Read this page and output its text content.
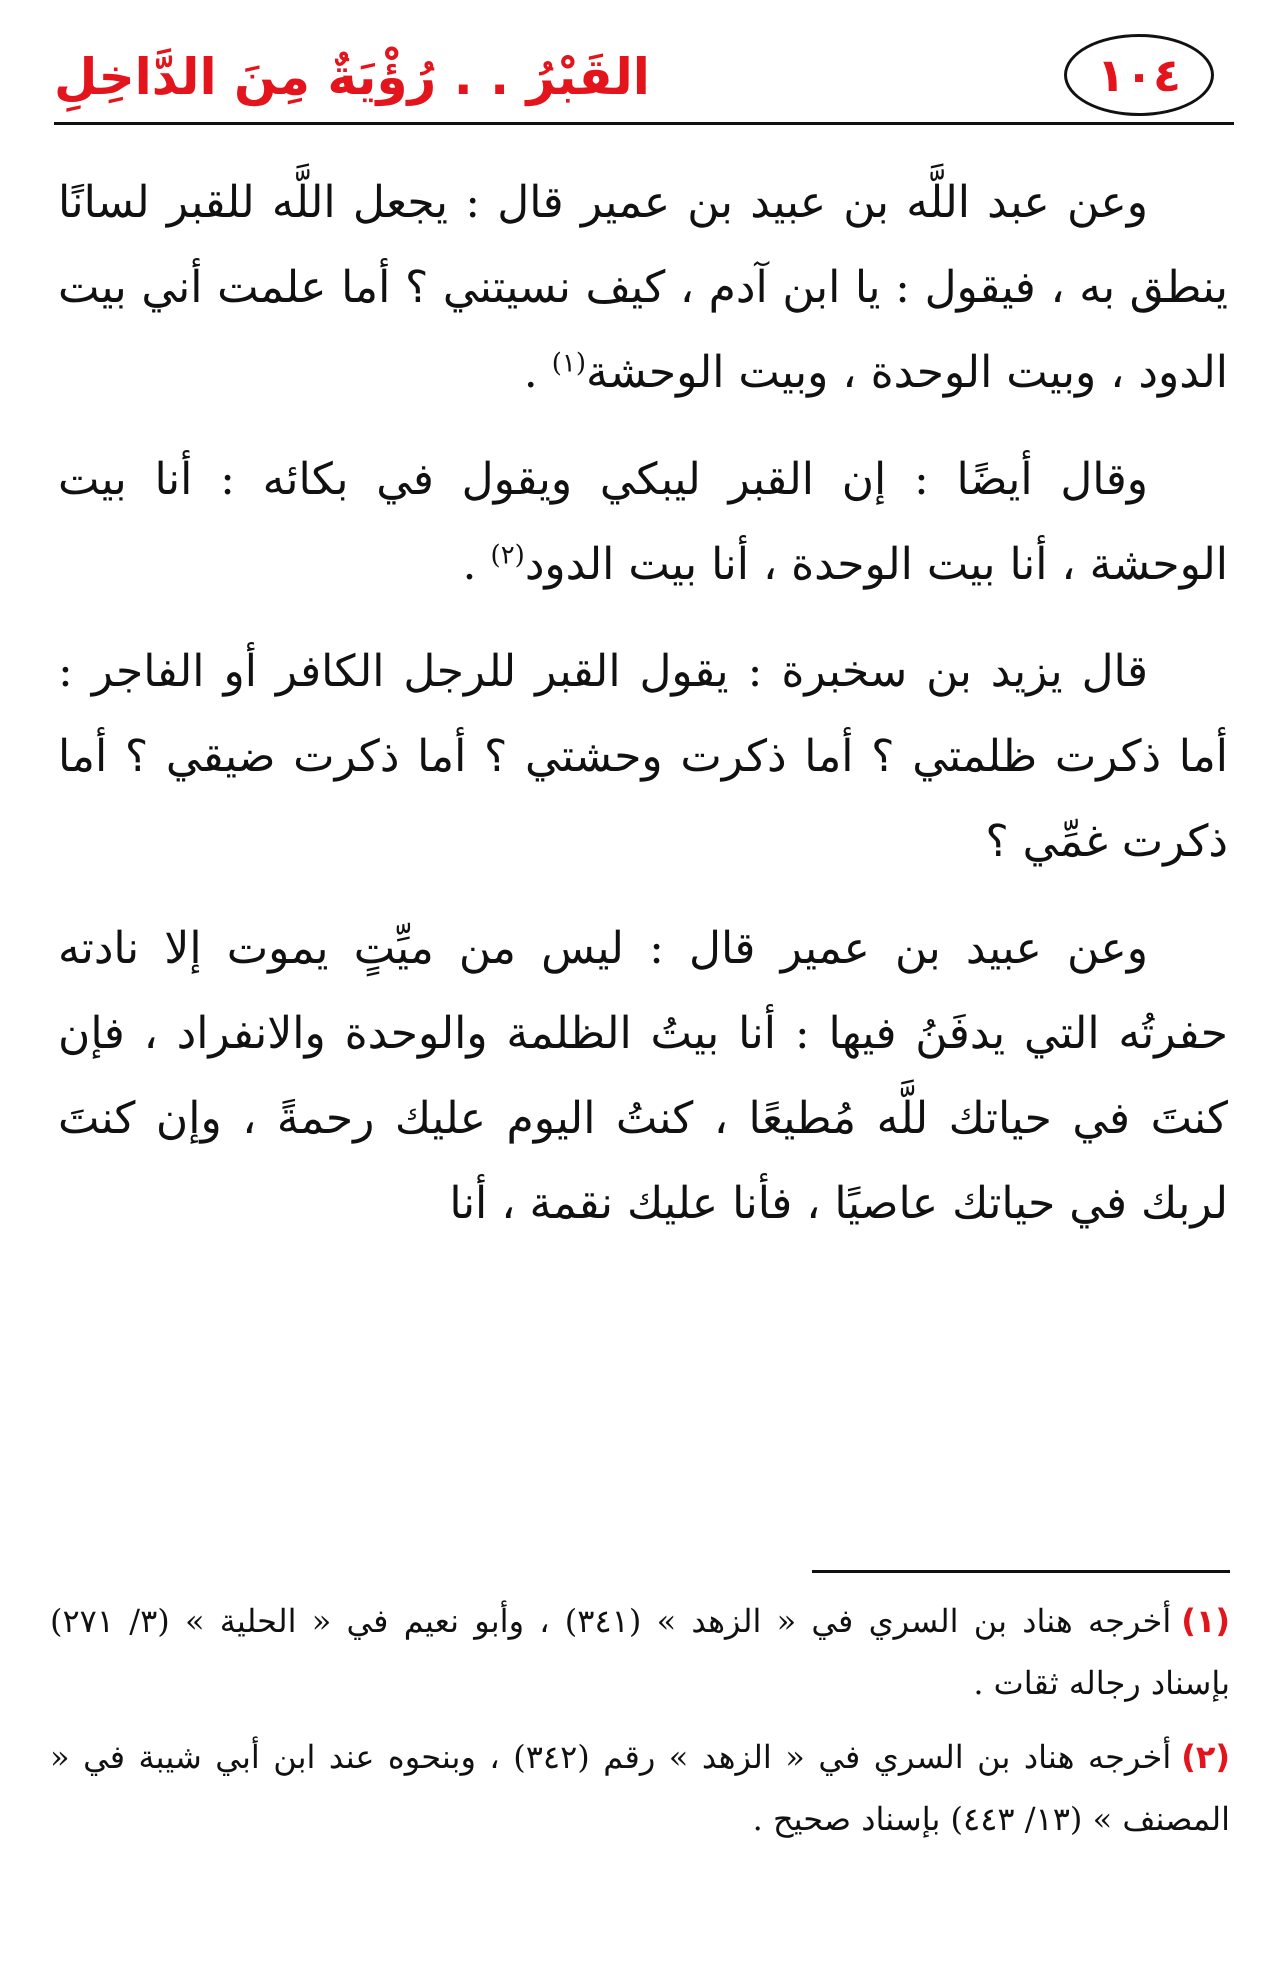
القَبْرُ . . رُؤْيَةٌ مِنَ الدَّاخِلِ	١٠٤

وعن عبد اللَّه بن عبيد بن عمير قال : يجعل اللَّه للقبر لسانًا ينطق به ، فيقول : يا ابن آدم ، كيف نسيتني ؟ أما علمت أني بيت الدود ، وبيت الوحدة ، وبيت الوحشة$^{(١)}$ .

وقال أيضًا : إن القبر ليبكي ويقول في بكائه : أنا بيت الوحشة ، أنا بيت الوحدة ، أنا بيت الدود$^{(٢)}$ .

قال يزيد بن سخبرة : يقول القبر للرجل الكافر أو الفاجر : أما ذكرت ظلمتي ؟ أما ذكرت وحشتي ؟ أما ذكرت ضيقي ؟ أما ذكرت غمِّي ؟

وعن عبيد بن عمير قال : ليس من ميِّتٍ يموت إلا نادته حفرتُه التي يدفَنُ فيها : أنا بيتُ الظلمة والوحدة والانفراد ، فإن كنتَ في حياتك للَّه مُطيعًا ، كنتُ اليوم عليك رحمةً ، وإن كنتَ لربك في حياتك عاصيًا ، فأنا عليك نقمة ، أنا

(١)أخرجه هناد بن السري في « الزهد » (٣٤١) ، وأبو نعيم في « الحلية » (٣/ ٢٧١) بإسناد رجاله ثقات .
(٢)أخرجه هناد بن السري في « الزهد » رقم (٣٤٢) ، وبنحوه عند ابن أبي شيبة في « المصنف » (١٣/ ٤٤٣) بإسناد صحيح .
